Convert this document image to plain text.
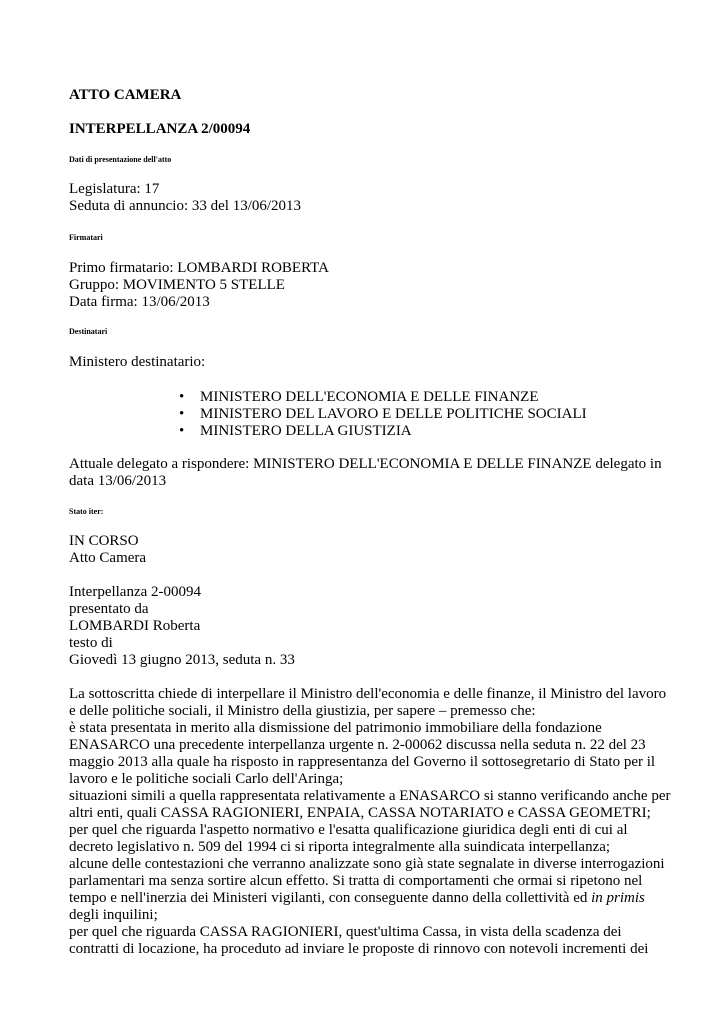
ATTO CAMERA
INTERPELLANZA 2/00094
Dati di presentazione dell'atto
Legislatura: 17
Seduta di annuncio: 33 del 13/06/2013
Firmatari
Primo firmatario: LOMBARDI ROBERTA
Gruppo: MOVIMENTO 5 STELLE
Data firma: 13/06/2013
Destinatari
Ministero destinatario:
• MINISTERO DELL'ECONOMIA E DELLE FINANZE
• MINISTERO DEL LAVORO E DELLE POLITICHE SOCIALI
• MINISTERO DELLA GIUSTIZIA
Attuale delegato a rispondere: MINISTERO DELL'ECONOMIA E DELLE FINANZE delegato in
data 13/06/2013
Stato iter:
IN CORSO
Atto Camera
Interpellanza 2-00094
presentato da
LOMBARDI Roberta
testo di
Giovedì 13 giugno 2013, seduta n. 33
La sottoscritta chiede di interpellare il Ministro dell'economia e delle finanze, il Ministro del lavoro
e delle politiche sociali, il Ministro della giustizia, per sapere – premesso che:
è stata presentata in merito alla dismissione del patrimonio immobiliare della fondazione
ENASARCO una precedente interpellanza urgente n. 2-00062 discussa nella seduta n. 22 del 23
maggio 2013 alla quale ha risposto in rappresentanza del Governo il sottosegretario di Stato per il
lavoro e le politiche sociali Carlo dell'Aringa;
situazioni simili a quella rappresentata relativamente a ENASARCO si stanno verificando anche per
altri enti, quali CASSA RAGIONIERI, ENPAIA, CASSA NOTARIATO e CASSA GEOMETRI;
per quel che riguarda l'aspetto normativo e l'esatta qualificazione giuridica degli enti di cui al
decreto legislativo n. 509 del 1994 ci si riporta integralmente alla suindicata interpellanza;
alcune delle contestazioni che verranno analizzate sono già state segnalate in diverse interrogazioni
parlamentari ma senza sortire alcun effetto. Si tratta di comportamenti che ormai si ripetono nel
tempo e nell'inerzia dei Ministeri vigilanti, con conseguente danno della collettività ed in primis
degli inquilini;
per quel che riguarda CASSA RAGIONIERI, quest'ultima Cassa, in vista della scadenza dei
contratti di locazione, ha proceduto ad inviare le proposte di rinnovo con notevoli incrementi dei
